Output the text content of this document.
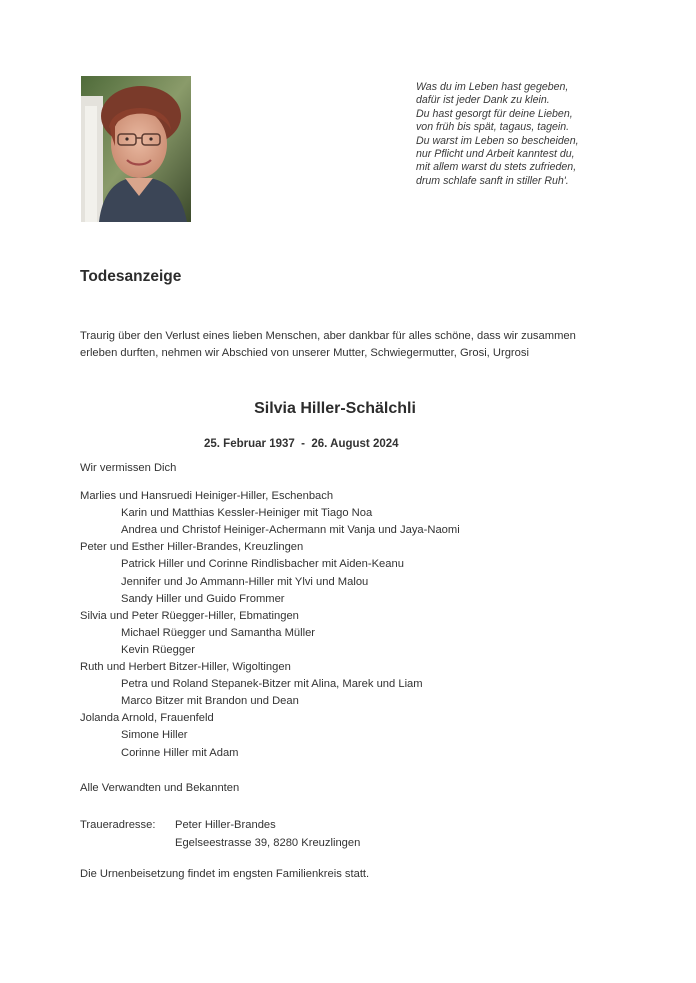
Was du im Leben hast gegeben,
dafür ist jeder Dank zu klein.
Du hast gesorgt für deine Lieben,
von früh bis spät, tagaus, tagein.
Du warst im Leben so bescheiden,
nur Pflicht und Arbeit kanntest du,
mit allem warst du stets zufrieden,
drum schlafe sanft in stiller Ruh'.
Todesanzeige
Traurig über den Verlust eines lieben Menschen, aber dankbar für alles schöne, dass wir zusammen
erleben durften, nehmen wir Abschied von unserer Mutter, Schwiegermutter, Grosi, Urgrosi
Silvia Hiller-Schälchli
25. Februar 1937  -  26. August 2024
Wir vermissen Dich
Marlies und Hansruedi Heiniger-Hiller, Eschenbach
Karin und Matthias Kessler-Heiniger mit Tiago Noa
Andrea und Christof Heiniger-Achermann mit Vanja und Jaya-Naomi
Peter und Esther Hiller-Brandes, Kreuzlingen
Patrick Hiller und Corinne Rindlisbacher mit Aiden-Keanu
Jennifer und Jo Ammann-Hiller mit Ylvi und Malou
Sandy Hiller und Guido Frommer
Silvia und Peter Rüegger-Hiller, Ebmatingen
Michael Rüegger und Samantha Müller
Kevin Rüegger
Ruth und Herbert Bitzer-Hiller, Wigoltingen
Petra und Roland Stepanek-Bitzer mit Alina, Marek und Liam
Marco Bitzer mit Brandon und Dean
Jolanda Arnold, Frauenfeld
Simone Hiller
Corinne Hiller mit Adam
Alle Verwandten und Bekannten
Traueradresse: Peter Hiller-Brandes
Egelseestrasse 39, 8280 Kreuzlingen
Die Urnenbeisetzung findet im engsten Familienkreis statt.
